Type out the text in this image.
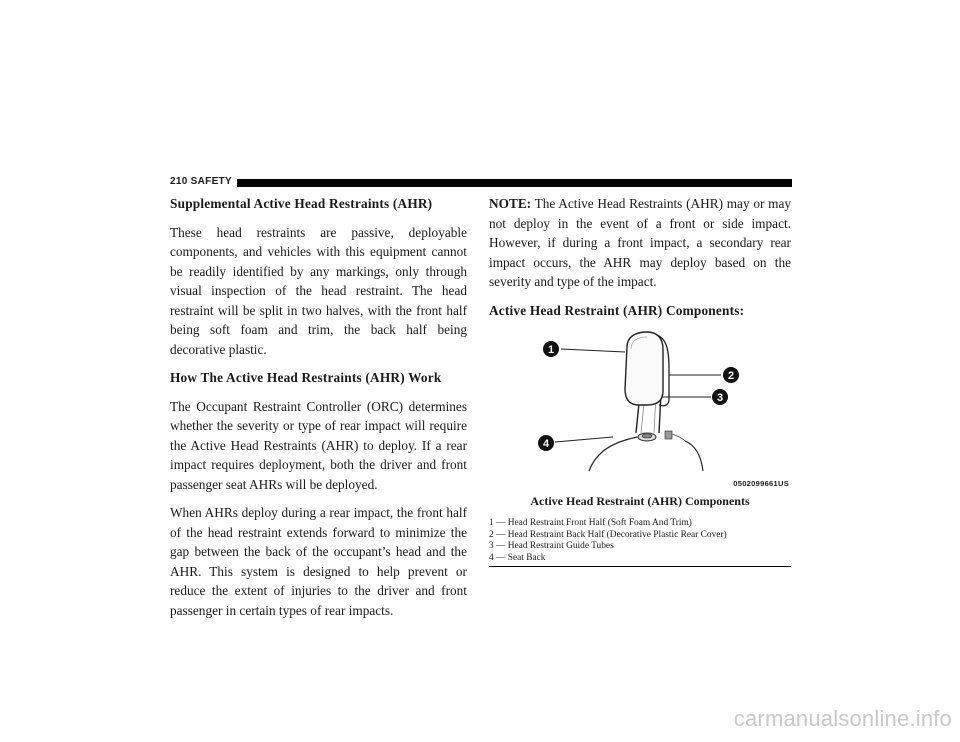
210 SAFETY
Supplemental Active Head Restraints (AHR)

These head restraints are passive, deployable components, and vehicles with this equipment cannot be readily identified by any markings, only through visual inspection of the head restraint. The head restraint will be split in two halves, with the front half being soft foam and trim, the back half being decorative plastic.

How The Active Head Restraints (AHR) Work

The Occupant Restraint Controller (ORC) determines whether the severity or type of rear impact will require the Active Head Restraints (AHR) to deploy. If a rear impact requires deployment, both the driver and front passenger seat AHRs will be deployed.

When AHRs deploy during a rear impact, the front half of the head restraint extends forward to minimize the gap between the back of the occupant’s head and the AHR. This system is designed to help prevent or reduce the extent of injuries to the driver and front passenger in certain types of rear impacts.

NOTE: The Active Head Restraints (AHR) may or may not deploy in the event of a front or side impact. However, if during a front impact, a secondary rear impact occurs, the AHR may deploy based on the severity and type of the impact.

Active Head Restraint (AHR) Components:
1
2
3
4
0502099661US
Active Head Restraint (AHR) Components
1 — Head Restraint Front Half (Soft Foam And Trim)
2 — Head Restraint Back Half (Decorative Plastic Rear Cover)
3 — Head Restraint Guide Tubes
4 — Seat Back
carmanualsonline.info
